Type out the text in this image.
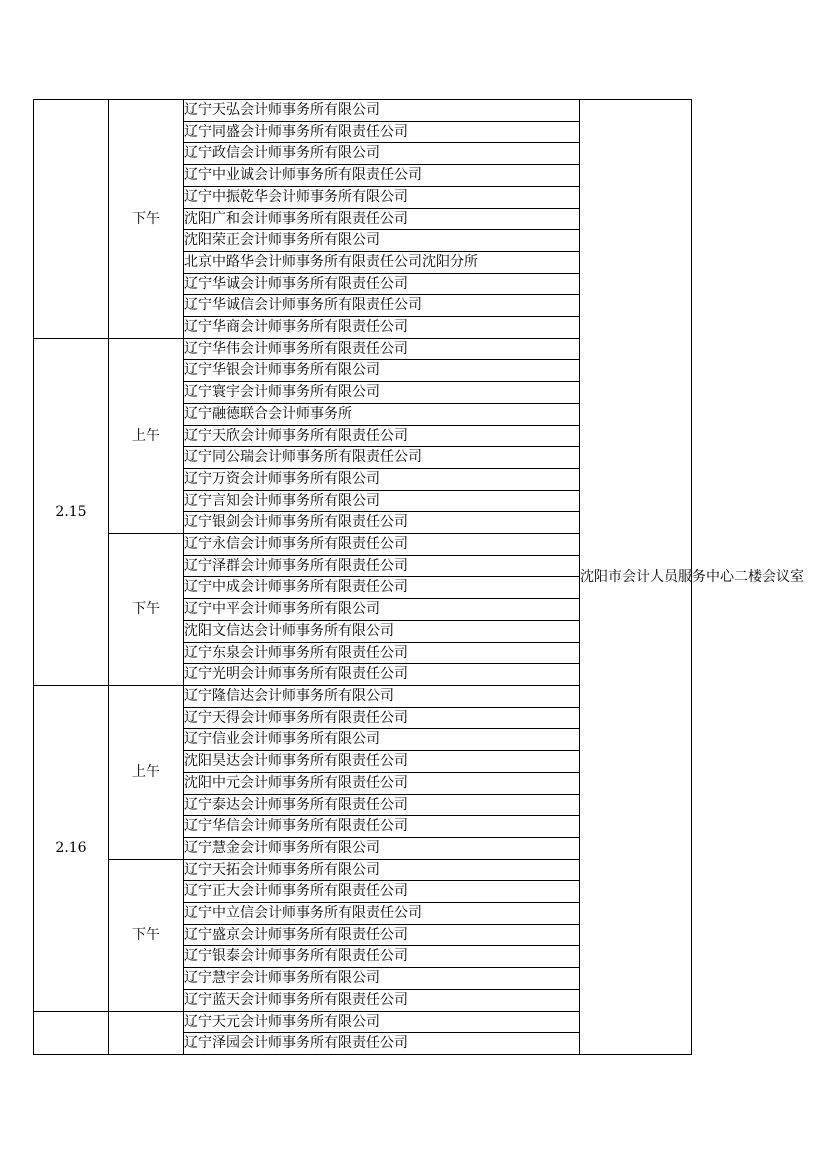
	下午	辽宁天弘会计师事务所有限公司	沈阳市会计人员服务中心二楼会议室
		辽宁同盛会计师事务所有限责任公司	
		辽宁政信会计师事务所有限公司	
		辽宁中业诚会计师事务所有限责任公司	
		辽宁中振乾华会计师事务所有限公司	
		沈阳广和会计师事务所有限责任公司	
		沈阳荣正会计师事务所有限公司	
		北京中路华会计师事务所有限责任公司沈阳分所	
		辽宁华诚会计师事务所有限责任公司	
		辽宁华诚信会计师事务所有限责任公司	
		辽宁华商会计师事务所有限责任公司	
2.15	上午	辽宁华伟会计师事务所有限责任公司	
		辽宁华银会计师事务所有限公司	
		辽宁寰宇会计师事务所有限公司	
		辽宁融德联合会计师事务所	
		辽宁天欣会计师事务所有限责任公司	
		辽宁同公瑞会计师事务所有限责任公司	
		辽宁万资会计师事务所有限公司	
		辽宁言知会计师事务所有限公司	
		辽宁银剑会计师事务所有限责任公司	
	下午	辽宁永信会计师事务所有限责任公司	
		辽宁泽群会计师事务所有限责任公司	
		辽宁中成会计师事务所有限责任公司	
		辽宁中平会计师事务所有限公司	
		沈阳文信达会计师事务所有限公司	
		辽宁东泉会计师事务所有限责任公司	
		辽宁光明会计师事务所有限责任公司	
2.16	上午	辽宁隆信达会计师事务所有限公司	
		辽宁天得会计师事务所有限责任公司	
		辽宁信业会计师事务所有限公司	
		沈阳昊达会计师事务所有限责任公司	
		沈阳中元会计师事务所有限责任公司	
		辽宁泰达会计师事务所有限责任公司	
		辽宁华信会计师事务所有限责任公司	
		辽宁慧金会计师事务所有限公司	
	下午	辽宁天拓会计师事务所有限公司	
		辽宁正大会计师事务所有限责任公司	
		辽宁中立信会计师事务所有限责任公司	
		辽宁盛京会计师事务所有限责任公司	
		辽宁银泰会计师事务所有限责任公司	
		辽宁慧宇会计师事务所有限公司	
		辽宁蓝天会计师事务所有限责任公司	
		辽宁天元会计师事务所有限公司	
		辽宁泽园会计师事务所有限责任公司	
